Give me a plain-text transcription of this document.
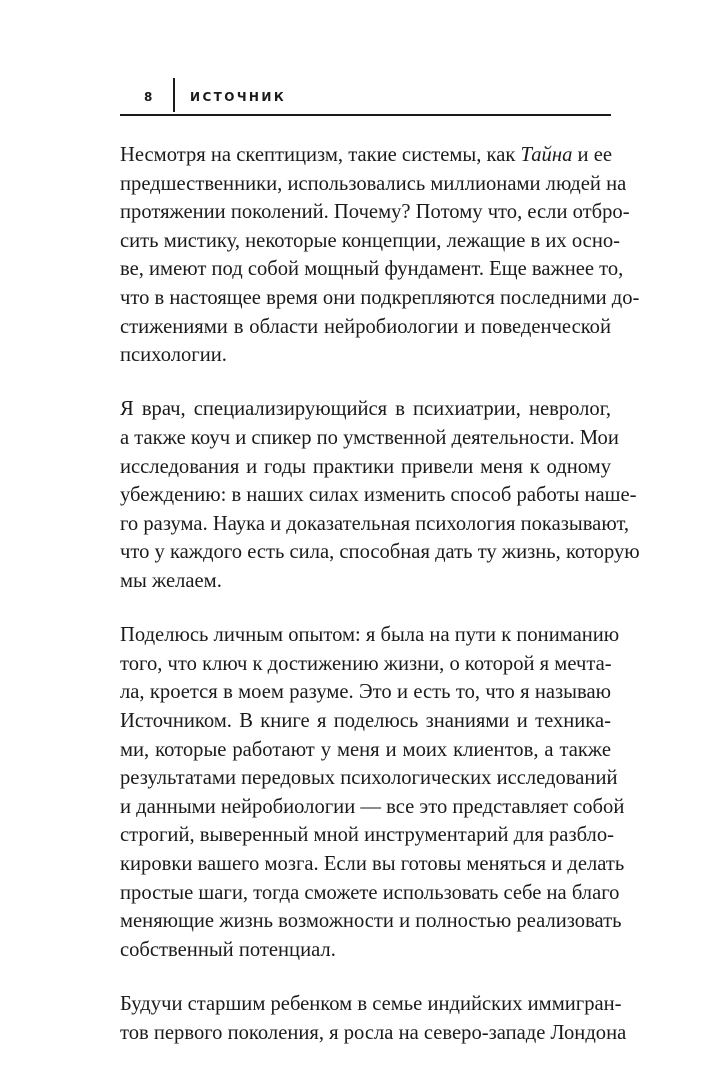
8	ИСТОЧНИК

Несмотря на скептицизм, такие системы, как Тайна и ее
предшественники, использовались миллионами людей на
протяжении поколений. Почему? Потому что, если отбро-
сить мистику, некоторые концепции, лежащие в их осно-
ве, имеют под собой мощный фундамент. Еще важнее то,
что в настоящее время они подкрепляются последними до-
стижениями в области нейробиологии и поведенческой
психологии.

Я врач, специализирующийся в психиатрии, невролог,
а также коуч и спикер по умственной деятельности. Мои
исследования и годы практики привели меня к одному
убеждению: в наших силах изменить способ работы наше-
го разума. Наука и доказательная психология показывают,
что у каждого есть сила, способная дать ту жизнь, которую
мы желаем.

Поделюсь личным опытом: я была на пути к пониманию
того, что ключ к достижению жизни, о которой я мечта-
ла, кроется в моем разуме. Это и есть то, что я называю
Источником. В книге я поделюсь знаниями и техника-
ми, которые работают у меня и моих клиентов, а также
результатами передовых психологических исследований
и данными нейробиологии — все это представляет собой
строгий, выверенный мной инструментарий для разбло-
кировки вашего мозга. Если вы готовы меняться и делать
простые шаги, тогда сможете использовать себе на благо
меняющие жизнь возможности и полностью реализовать
собственный потенциал.

Будучи старшим ребенком в семье индийских иммигран-
тов первого поколения, я росла на северо-западе Лондона
